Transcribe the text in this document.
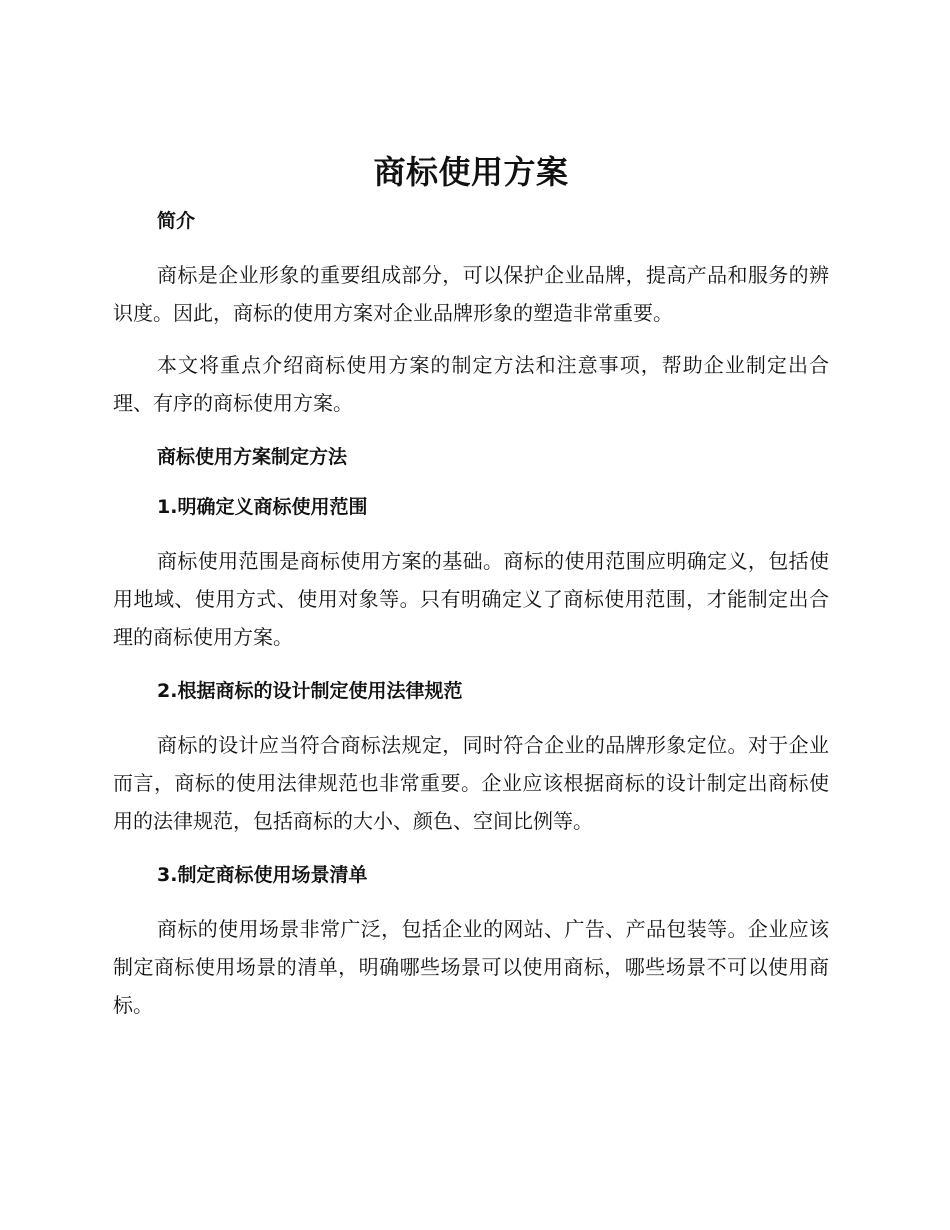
商标使用方案
简介

商标是企业形象的重要组成部分，可以保护企业品牌，提高产品和服务的辨识度。因此，商标的使用方案对企业品牌形象的塑造非常重要。

本文将重点介绍商标使用方案的制定方法和注意事项，帮助企业制定出合理、有序的商标使用方案。

商标使用方案制定方法
1.明确定义商标使用范围

商标使用范围是商标使用方案的基础。商标的使用范围应明确定义，包括使用地域、使用方式、使用对象等。只有明确定义了商标使用范围，才能制定出合理的商标使用方案。

2.根据商标的设计制定使用法律规范

商标的设计应当符合商标法规定，同时符合企业的品牌形象定位。对于企业而言，商标的使用法律规范也非常重要。企业应该根据商标的设计制定出商标使用的法律规范，包括商标的大小、颜色、空间比例等。

3.制定商标使用场景清单

商标的使用场景非常广泛，包括企业的网站、广告、产品包装等。企业应该制定商标使用场景的清单，明确哪些场景可以使用商标，哪些场景不可以使用商标。
